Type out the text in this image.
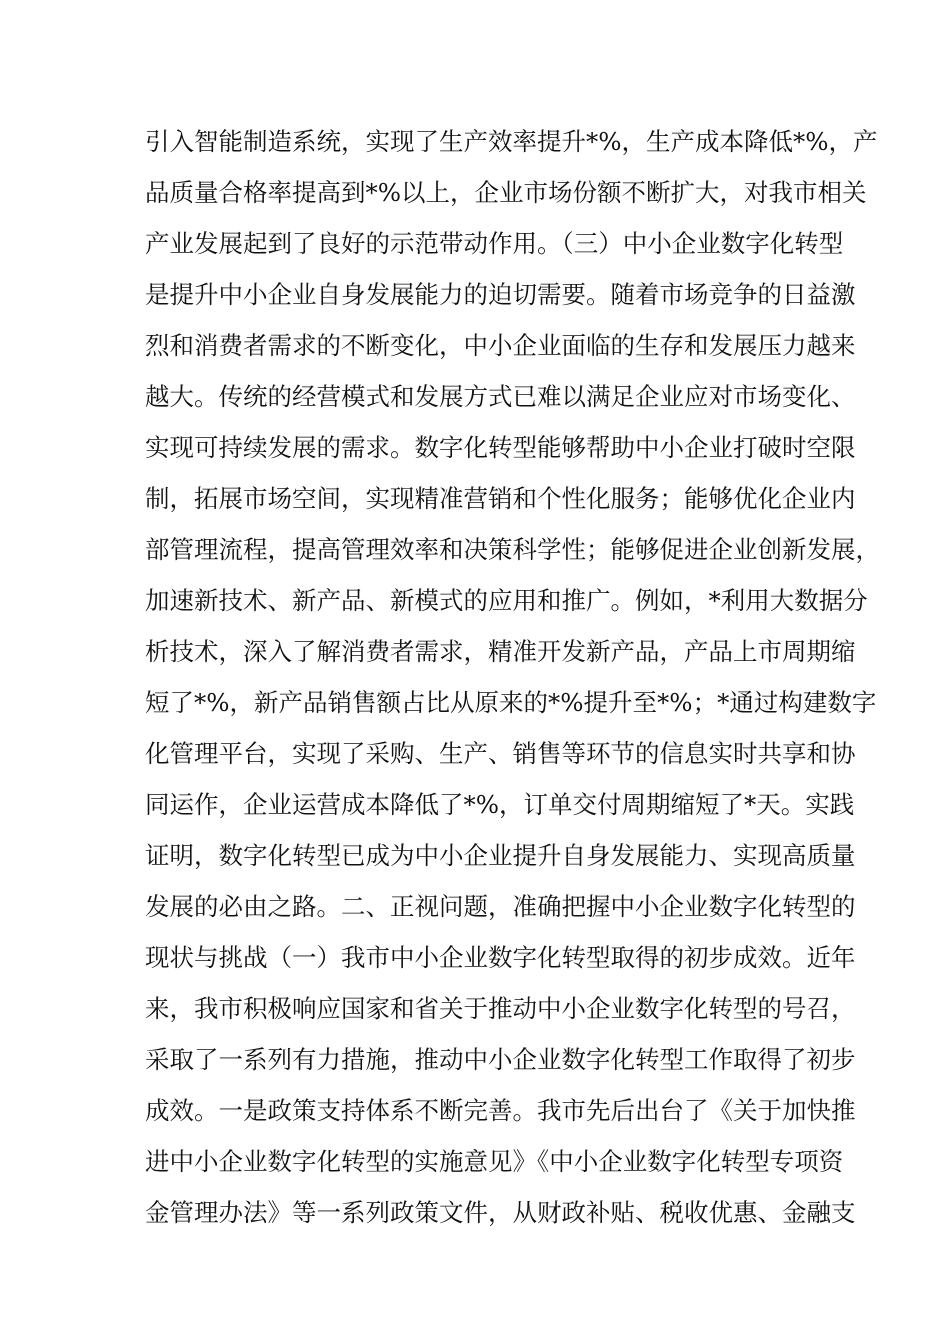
引入智能制造系统，实现了生产效率提升*%，生产成本降低*%，产
品质量合格率提高到*%以上，企业市场份额不断扩大，对我市相关
产业发展起到了良好的示范带动作用。（三）中小企业数字化转型
是提升中小企业自身发展能力的迫切需要。随着市场竞争的日益激
烈和消费者需求的不断变化，中小企业面临的生存和发展压力越来
越大。传统的经营模式和发展方式已难以满足企业应对市场变化、
实现可持续发展的需求。数字化转型能够帮助中小企业打破时空限
制，拓展市场空间，实现精准营销和个性化服务；能够优化企业内
部管理流程，提高管理效率和决策科学性；能够促进企业创新发展，
加速新技术、新产品、新模式的应用和推广。例如，*利用大数据分
析技术，深入了解消费者需求，精准开发新产品，产品上市周期缩
短了*%，新产品销售额占比从原来的*%提升至*%；*通过构建数字
化管理平台，实现了采购、生产、销售等环节的信息实时共享和协
同运作，企业运营成本降低了*%，订单交付周期缩短了*天。实践
证明，数字化转型已成为中小企业提升自身发展能力、实现高质量
发展的必由之路。二、正视问题，准确把握中小企业数字化转型的
现状与挑战（一）我市中小企业数字化转型取得的初步成效。近年
来，我市积极响应国家和省关于推动中小企业数字化转型的号召，
采取了一系列有力措施，推动中小企业数字化转型工作取得了初步
成效。一是政策支持体系不断完善。我市先后出台了《关于加快推
进中小企业数字化转型的实施意见》《中小企业数字化转型专项资
金管理办法》等一系列政策文件，从财政补贴、税收优惠、金融支
